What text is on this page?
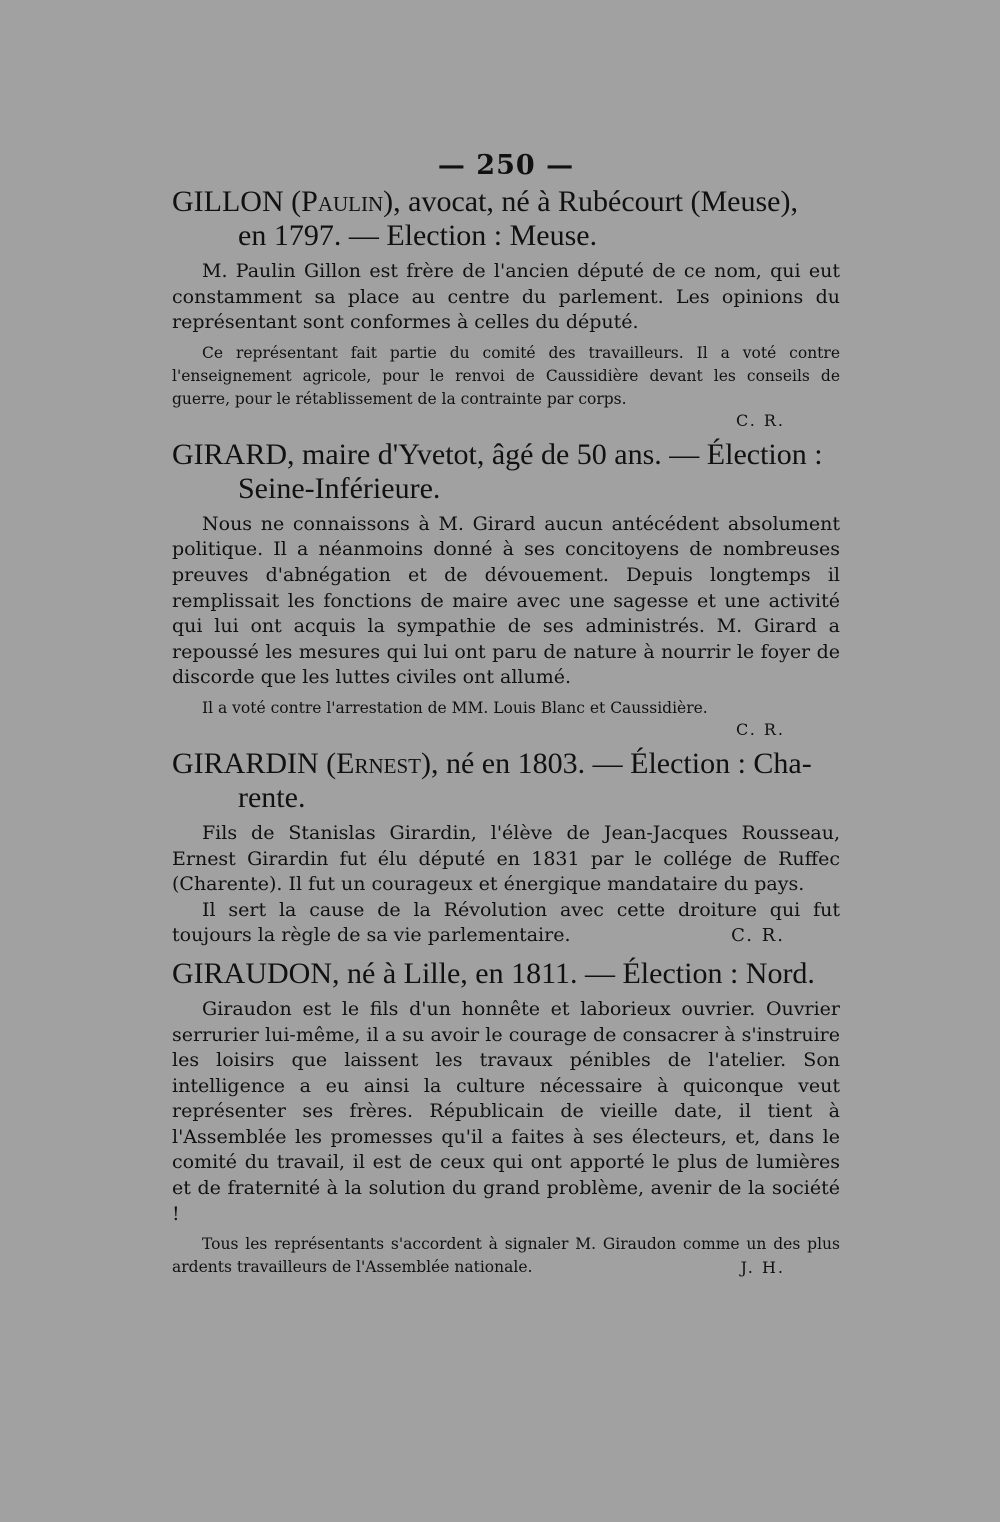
— 250 —
GILLON (Paulin), avocat, né à Rubécourt (Meuse),
en 1797. — Election : Meuse.

M. Paulin Gillon est frère de l'ancien député de ce nom, qui eut constamment sa place au centre du parlement. Les opinions du représentant sont conformes à celles du député.

Ce représentant fait partie du comité des travailleurs. Il a voté contre l'enseignement agricole, pour le renvoi de Caussidière devant les conseils de guerre, pour le rétablissement de la contrainte par corps.

C. R.

GIRARD, maire d'Yvetot, âgé de 50 ans. — Élection :
Seine-Inférieure.

Nous ne connaissons à M. Girard aucun antécédent absolument politique. Il a néanmoins donné à ses concitoyens de nombreuses preuves d'abnégation et de dévouement. Depuis longtemps il remplissait les fonctions de maire avec une sagesse et une activité qui lui ont acquis la sympathie de ses administrés. M. Girard a repoussé les mesures qui lui ont paru de nature à nourrir le foyer de discorde que les luttes civiles ont allumé.

Il a voté contre l'arrestation de MM. Louis Blanc et Caussidière.

C. R.

GIRARDIN (Ernest), né en 1803. — Élection : Cha-
rente.

Fils de Stanislas Girardin, l'élève de Jean-Jacques Rousseau, Ernest Girardin fut élu député en 1831 par le collége de Ruffec (Charente). Il fut un courageux et énergique mandataire du pays.

Il sert la cause de la Révolution avec cette droiture qui fut toujours la règle de sa vie parlementaire.	C. R.

GIRAUDON, né à Lille, en 1811. — Élection : Nord.

Giraudon est le fils d'un honnête et laborieux ouvrier. Ouvrier serrurier lui-même, il a su avoir le courage de consacrer à s'instruire les loisirs que laissent les travaux pénibles de l'atelier. Son intelligence a eu ainsi la culture nécessaire à quiconque veut représenter ses frères. Républicain de vieille date, il tient à l'Assemblée les promesses qu'il a faites à ses électeurs, et, dans le comité du travail, il est de ceux qui ont apporté le plus de lumières et de fraternité à la solution du grand problème, avenir de la société !

Tous les représentants s'accordent à signaler M. Giraudon comme un des plus ardents travailleurs de l'Assemblée nationale.	J. H.
